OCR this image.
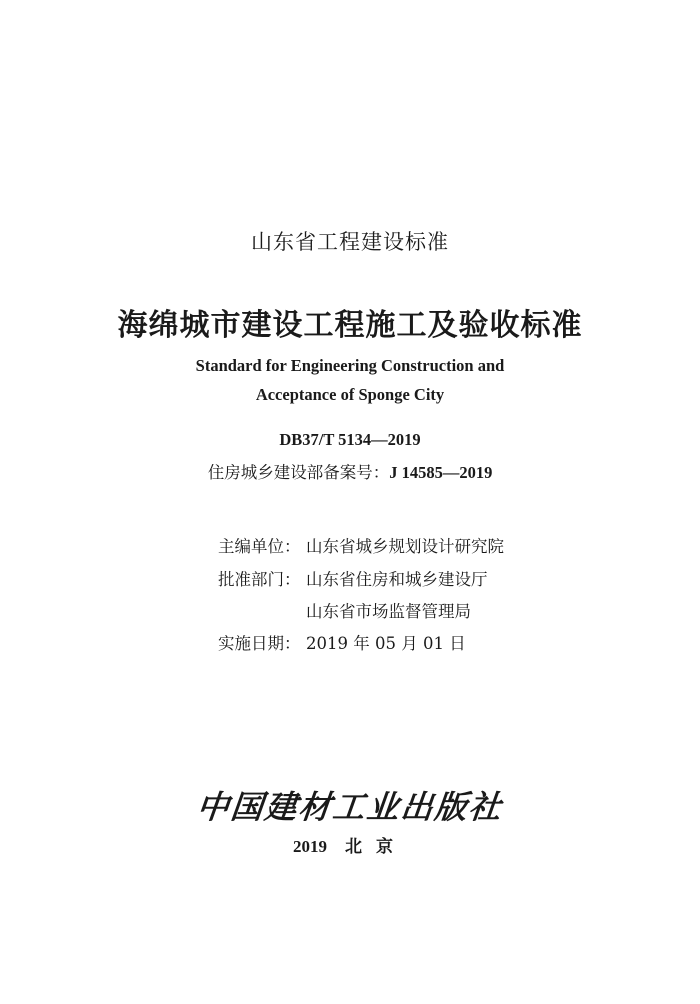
山东省工程建设标准
海绵城市建设工程施工及验收标准
Standard for Engineering Construction and
Acceptance of Sponge City
DB37/T 5134—2019
住房城乡建设部备案号：J 14585—2019
主编单位： 山东省城乡规划设计研究院
批准部门： 山东省住房和城乡建设厅
山东省市场监督管理局
实施日期： 2019 年 05 月 01 日
中国建材工业出版社
2019 北京
